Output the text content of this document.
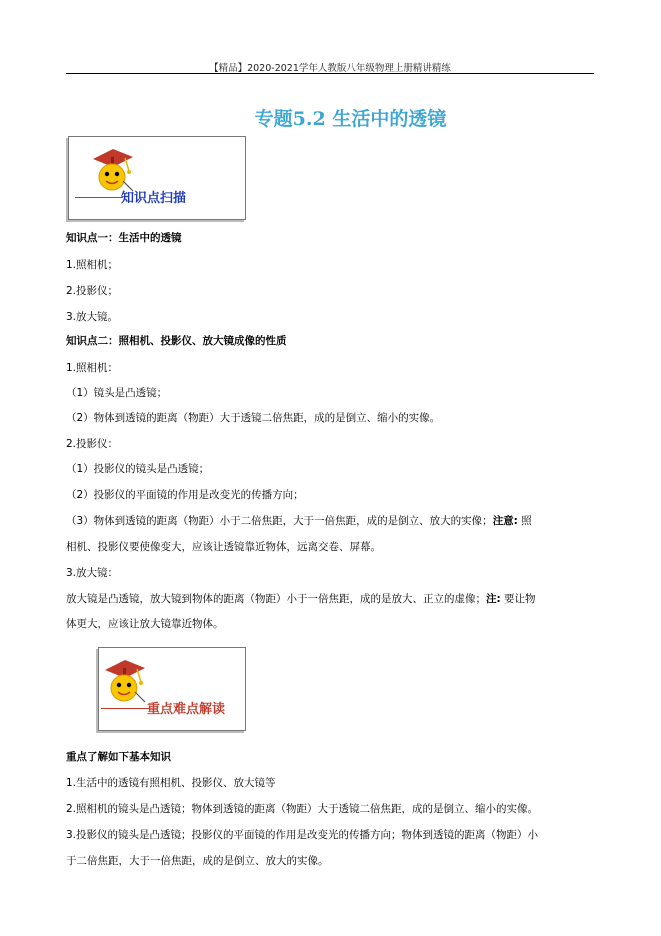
【精品】2020-2021学年人教版八年级物理上册精讲精练
专题5.2 生活中的透镜
知识点扫描
知识点一：生活中的透镜
1.照相机；
2.投影仪；
3.放大镜。
知识点二：照相机、投影仪、放大镜成像的性质
1.照相机：
（1）镜头是凸透镜；
（2）物体到透镜的距离（物距）大于透镜二倍焦距，成的是倒立、缩小的实像。
2.投影仪：
（1）投影仪的镜头是凸透镜；
（2）投影仪的平面镜的作用是改变光的传播方向；
（3）物体到透镜的距离（物距）小于二倍焦距，大于一倍焦距，成的是倒立、放大的实像；注意: 照
相机、投影仪要使像变大，应该让透镜靠近物体，远离交卷、屏幕。
3.放大镜：
放大镜是凸透镜，放大镜到物体的距离（物距）小于一倍焦距，成的是放大、正立的虚像；注: 要让物
体更大，应该让放大镜靠近物体。
重点难点解读
重点了解如下基本知识
1.生活中的透镜有照相机、投影仪、放大镜等
2.照相机的镜头是凸透镜；物体到透镜的距离（物距）大于透镜二倍焦距，成的是倒立、缩小的实像。
3.投影仪的镜头是凸透镜；投影仪的平面镜的作用是改变光的传播方向；物体到透镜的距离（物距）小
于二倍焦距，大于一倍焦距，成的是倒立、放大的实像。
